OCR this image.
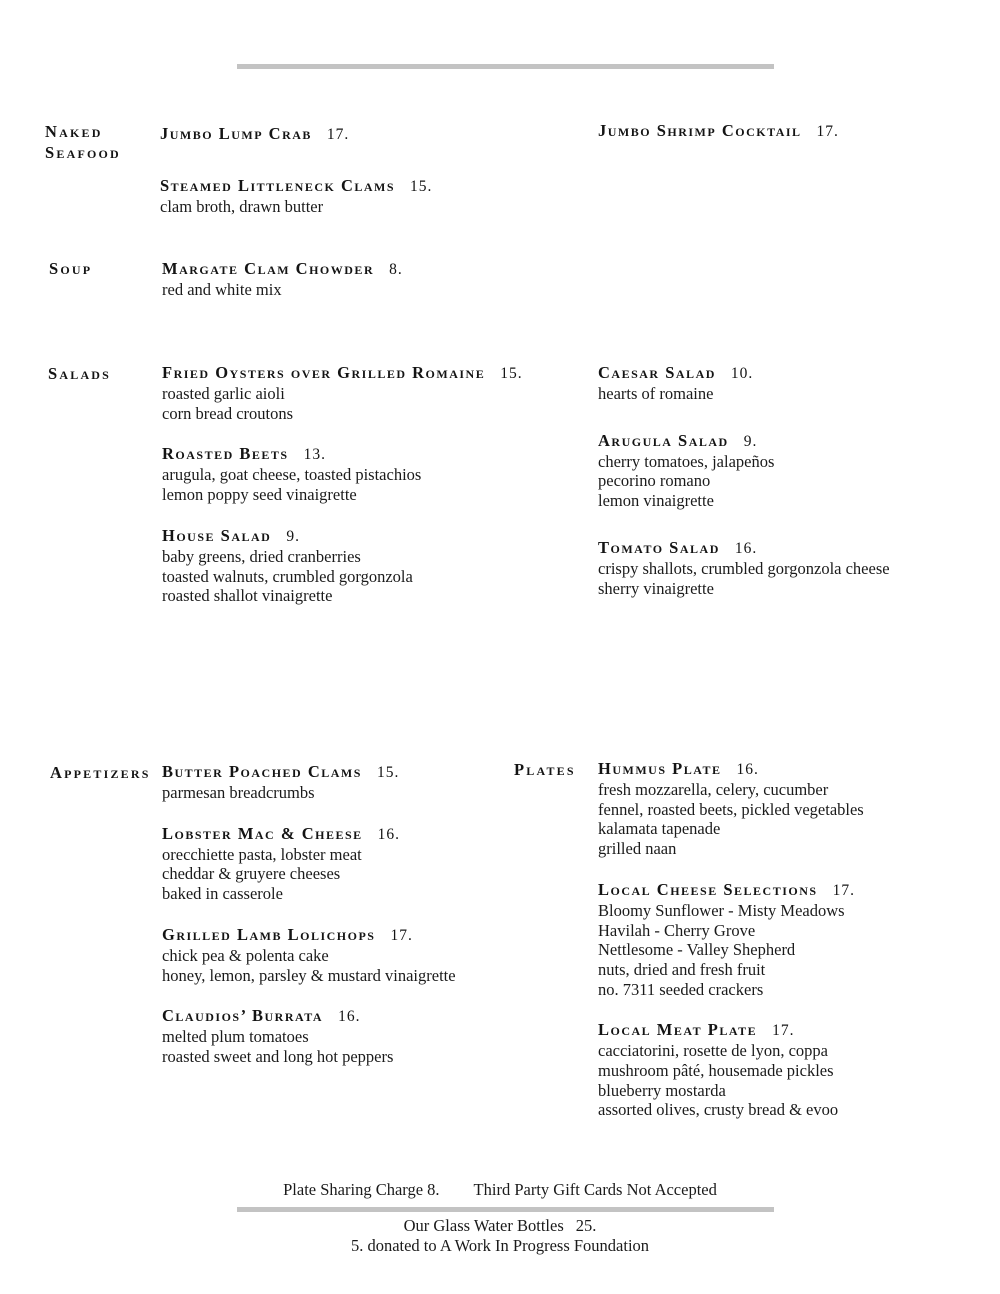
Naked Seafood
Jumbo Lump Crab 17.
Steamed Littleneck Clams 15.
clam broth, drawn butter
Jumbo Shrimp Cocktail 17.
Soup	Margate Clam Chowder 8.
red and white mix
Salads	Fried Oysters over Grilled Romaine 15.
roasted garlic aioli
corn bread croutons
Roasted Beets 13.
arugula, goat cheese, toasted pistachios
lemon poppy seed vinaigrette
House Salad 9.
baby greens, dried cranberries
toasted walnuts, crumbled gorgonzola
roasted shallot vinaigrette
Caesar Salad 10.
hearts of romaine
Arugula Salad 9.
cherry tomatoes, jalapeños
pecorino romano
lemon vinaigrette
Tomato Salad 16.
crispy shallots, crumbled gorgonzola cheese
sherry vinaigrette
Appetizers Butter Poached Clams 15.
parmesan breadcrumbs
Lobster Mac & Cheese 16.
orecchiette pasta, lobster meat
cheddar & gruyere cheeses
baked in casserole
Grilled Lamb Lolichops 17.
chick pea & polenta cake
honey, lemon, parsley & mustard vinaigrette
Claudios’ Burrata 16.
melted plum tomatoes
roasted sweet and long hot peppers
Plates Hummus Plate 16.
fresh mozzarella, celery, cucumber
fennel, roasted beets, pickled vegetables
kalamata tapenade
grilled naan
Local Cheese Selections 17.
Bloomy Sunflower - Misty Meadows
Havilah - Cherry Grove
Nettlesome - Valley Shepherd
nuts, dried and fresh fruit
no. 7311 seeded crackers
Local Meat Plate 17.
cacciatorini, rosette de lyon, coppa
mushroom pâté, housemade pickles
blueberry mostarda
assorted olives, crusty bread & evoo
Plate Sharing Charge 8. Third Party Gift Cards Not Accepted
Our Glass Water Bottles 25.
5. donated to A Work In Progress Foundation
